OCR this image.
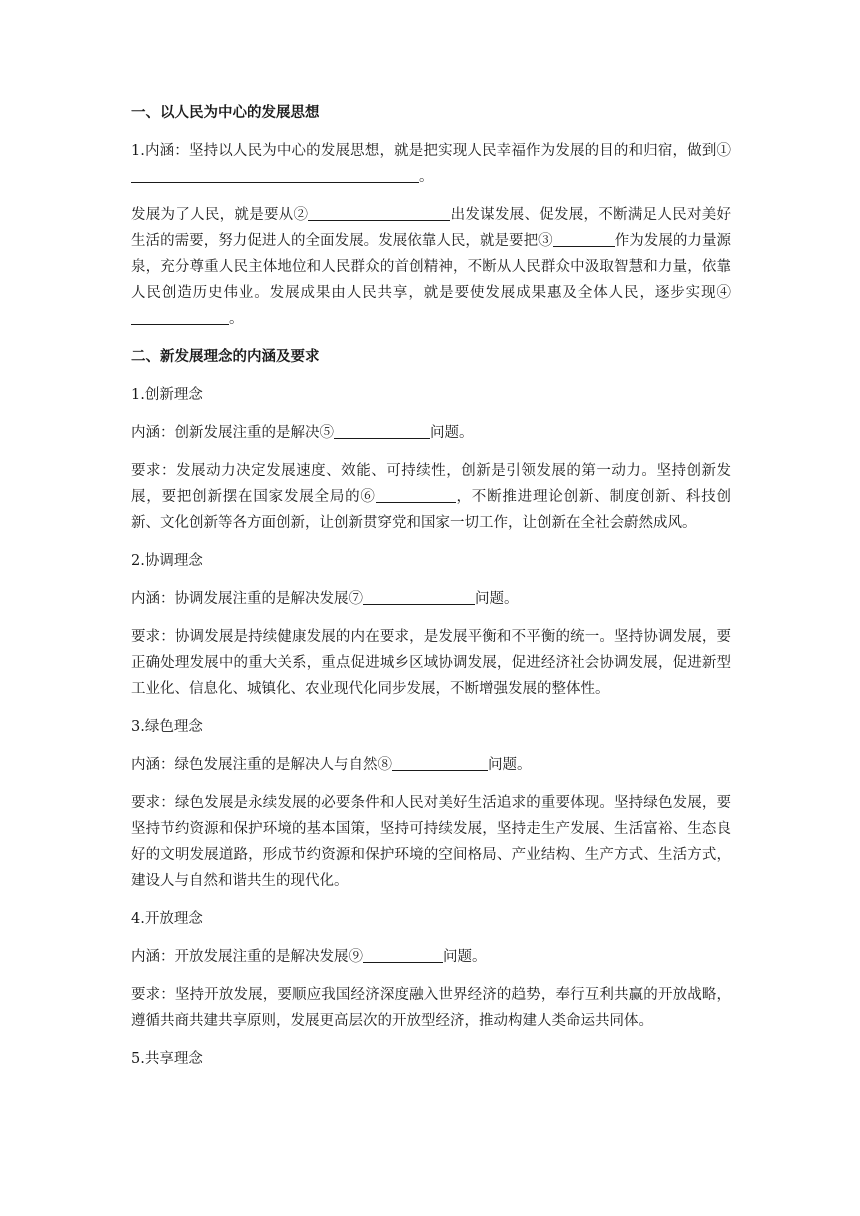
一、以人民为中心的发展思想

1.内涵：坚持以人民为中心的发展思想，就是把实现人民幸福作为发展的目的和归宿，做到①。

发展为了人民，就是要从②	出发谋发展、促发展，不断满足人民对美好生活的需要，努力促进人的全面发展。发展依靠人民，就是要把③	作为发展的力量源泉，充分尊重人民主体地位和人民群众的首创精神，不断从人民群众中汲取智慧和力量，依靠人民创造历史伟业。发展成果由人民共享，就是要使发展成果惠及全体人民，逐步实现④。

二、新发展理念的内涵及要求
1.创新理念

内涵：创新发展注重的是解决⑤	问题。

要求：发展动力决定发展速度、效能、可持续性，创新是引领发展的第一动力。坚持创新发展，要把创新摆在国家发展全局的⑥	，不断推进理论创新、制度创新、科技创新、文化创新等各方面创新，让创新贯穿党和国家一切工作，让创新在全社会蔚然成风。

2.协调理念

内涵：协调发展注重的是解决发展⑦	问题。

要求：协调发展是持续健康发展的内在要求，是发展平衡和不平衡的统一。坚持协调发展，要正确处理发展中的重大关系，重点促进城乡区域协调发展，促进经济社会协调发展，促进新型工业化、信息化、城镇化、农业现代化同步发展，不断增强发展的整体性。

3.绿色理念

内涵：绿色发展注重的是解决人与自然⑧	问题。

要求：绿色发展是永续发展的必要条件和人民对美好生活追求的重要体现。坚持绿色发展，要坚持节约资源和保护环境的基本国策，坚持可持续发展，坚持走生产发展、生活富裕、生态良好的文明发展道路，形成节约资源和保护环境的空间格局、产业结构、生产方式、生活方式，建设人与自然和谐共生的现代化。

4.开放理念

内涵：开放发展注重的是解决发展⑨	问题。

要求：坚持开放发展，要顺应我国经济深度融入世界经济的趋势，奉行互利共赢的开放战略，遵循共商共建共享原则，发展更高层次的开放型经济，推动构建人类命运共同体。

5.共享理念
